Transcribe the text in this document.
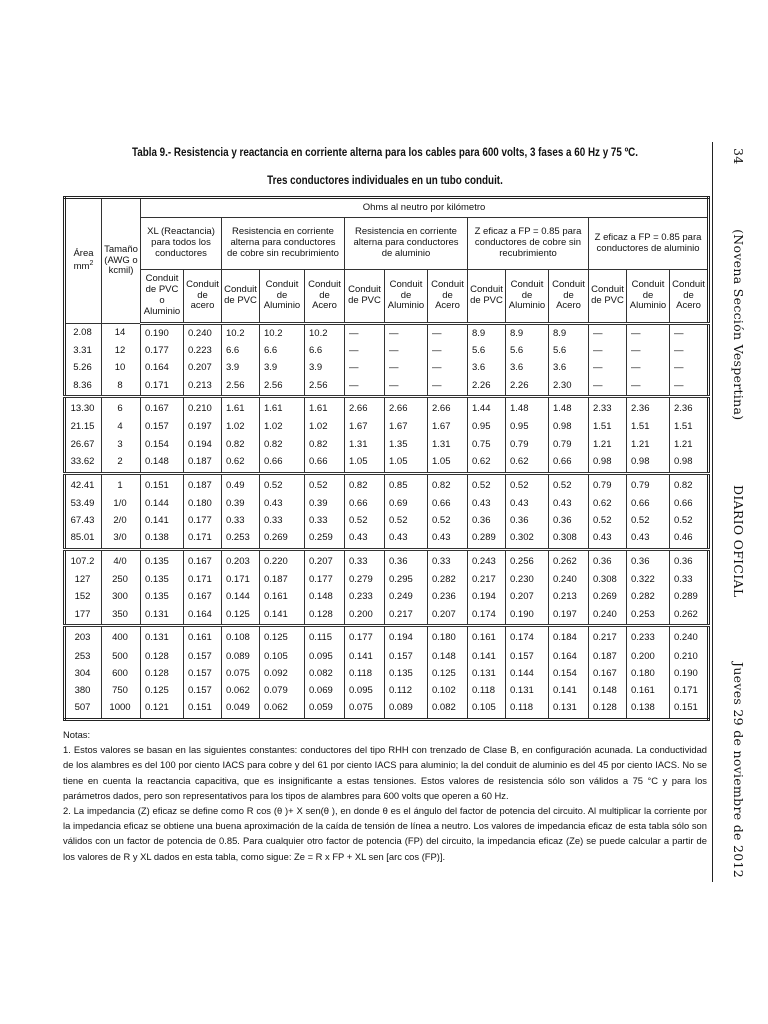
Tabla 9.- Resistencia y reactancia en corriente alterna para los cables para 600 volts, 3 fases a 60 Hz y 75 ºC.
Tres conductores individuales en un tubo conduit.
Área $mm^2$	Tamaño (AWG o kcmil)	Ohms al neutro por kilómetro													
		XL (Reactancia) para todos los conductores		Resistencia en corriente alterna para conductores de cobre sin recubrimiento			Resistencia en corriente alterna para conductores de aluminio			Z eficaz a FP = 0.85 para conductores de cobre sin recubrimiento			Z eficaz a FP = 0.85 para conductores de aluminio		
		Conduit de PVC o Aluminio	Conduit de acero	Conduit de PVC	Conduit de Aluminio	Conduit de Acero	Conduit de PVC	Conduit de Aluminio	Conduit de Acero	Conduit de PVC	Conduit de Aluminio	Conduit de Acero	Conduit de PVC	Conduit de Aluminio	Conduit de Acero
2.08	14	0.190	0.240	10.2	10.2	10.2	—	—	—	8.9	8.9	8.9	—	—	—
3.31	12	0.177	0.223	6.6	6.6	6.6	—	—	—	5.6	5.6	5.6	—	—	—
5.26	10	0.164	0.207	3.9	3.9	3.9	—	—	—	3.6	3.6	3.6	—	—	—
8.36	8	0.171	0.213	2.56	2.56	2.56	—	—	—	2.26	2.26	2.30	—	—	—
13.30	6	0.167	0.210	1.61	1.61	1.61	2.66	2.66	2.66	1.44	1.48	1.48	2.33	2.36	2.36
21.15	4	0.157	0.197	1.02	1.02	1.02	1.67	1.67	1.67	0.95	0.95	0.98	1.51	1.51	1.51
26.67	3	0.154	0.194	0.82	0.82	0.82	1.31	1.35	1.31	0.75	0.79	0.79	1.21	1.21	1.21
33.62	2	0.148	0.187	0.62	0.66	0.66	1.05	1.05	1.05	0.62	0.62	0.66	0.98	0.98	0.98
42.41	1	0.151	0.187	0.49	0.52	0.52	0.82	0.85	0.82	0.52	0.52	0.52	0.79	0.79	0.82
53.49	1/0	0.144	0.180	0.39	0.43	0.39	0.66	0.69	0.66	0.43	0.43	0.43	0.62	0.66	0.66
67.43	2/0	0.141	0.177	0.33	0.33	0.33	0.52	0.52	0.52	0.36	0.36	0.36	0.52	0.52	0.52
85.01	3/0	0.138	0.171	0.253	0.269	0.259	0.43	0.43	0.43	0.289	0.302	0.308	0.43	0.43	0.46
107.2	4/0	0.135	0.167	0.203	0.220	0.207	0.33	0.36	0.33	0.243	0.256	0.262	0.36	0.36	0.36
127	250	0.135	0.171	0.171	0.187	0.177	0.279	0.295	0.282	0.217	0.230	0.240	0.308	0.322	0.33
152	300	0.135	0.167	0.144	0.161	0.148	0.233	0.249	0.236	0.194	0.207	0.213	0.269	0.282	0.289
177	350	0.131	0.164	0.125	0.141	0.128	0.200	0.217	0.207	0.174	0.190	0.197	0.240	0.253	0.262
203	400	0.131	0.161	0.108	0.125	0.115	0.177	0.194	0.180	0.161	0.174	0.184	0.217	0.233	0.240
253	500	0.128	0.157	0.089	0.105	0.095	0.141	0.157	0.148	0.141	0.157	0.164	0.187	0.200	0.210
304	600	0.128	0.157	0.075	0.092	0.082	0.118	0.135	0.125	0.131	0.144	0.154	0.167	0.180	0.190
380	750	0.125	0.157	0.062	0.079	0.069	0.095	0.112	0.102	0.118	0.131	0.141	0.148	0.161	0.171
507	1000	0.121	0.151	0.049	0.062	0.059	0.075	0.089	0.082	0.105	0.118	0.131	0.128	0.138	0.151

Notas:

1. Estos valores se basan en las siguientes constantes: conductores del tipo RHH con trenzado de Clase B, en configuración acunada. La conductividad de los alambres es del 100 por ciento IACS para cobre y del 61 por ciento IACS para aluminio; la del conduit de aluminio es del 45 por ciento IACS. No se tiene en cuenta la reactancia capacitiva, que es insignificante a estas tensiones. Estos valores de resistencia sólo son válidos a 75 °C y para los parámetros dados, pero son representativos para los tipos de alambres para 600 volts que operen a 60 Hz.

2. La impedancia (Z) eficaz se define como R cos (θ )+ X sen(θ ), en donde θ es el ángulo del factor de potencia del circuito. Al multiplicar la corriente por la impedancia eficaz se obtiene una buena aproximación de la caída de tensión de línea a neutro. Los valores de impedancia eficaz de esta tabla sólo son válidos con un factor de potencia de 0.85. Para cualquier otro factor de potencia (FP) del circuito, la impedancia eficaz (Ze) se puede calcular a partir de los valores de R y XL dados en esta tabla, como sigue: Ze = R x FP + XL sen [arc cos (FP)].

34
(Novena Sección Vespertina)
DIARIO OFICIAL
Jueves 29 de noviembre de 2012
